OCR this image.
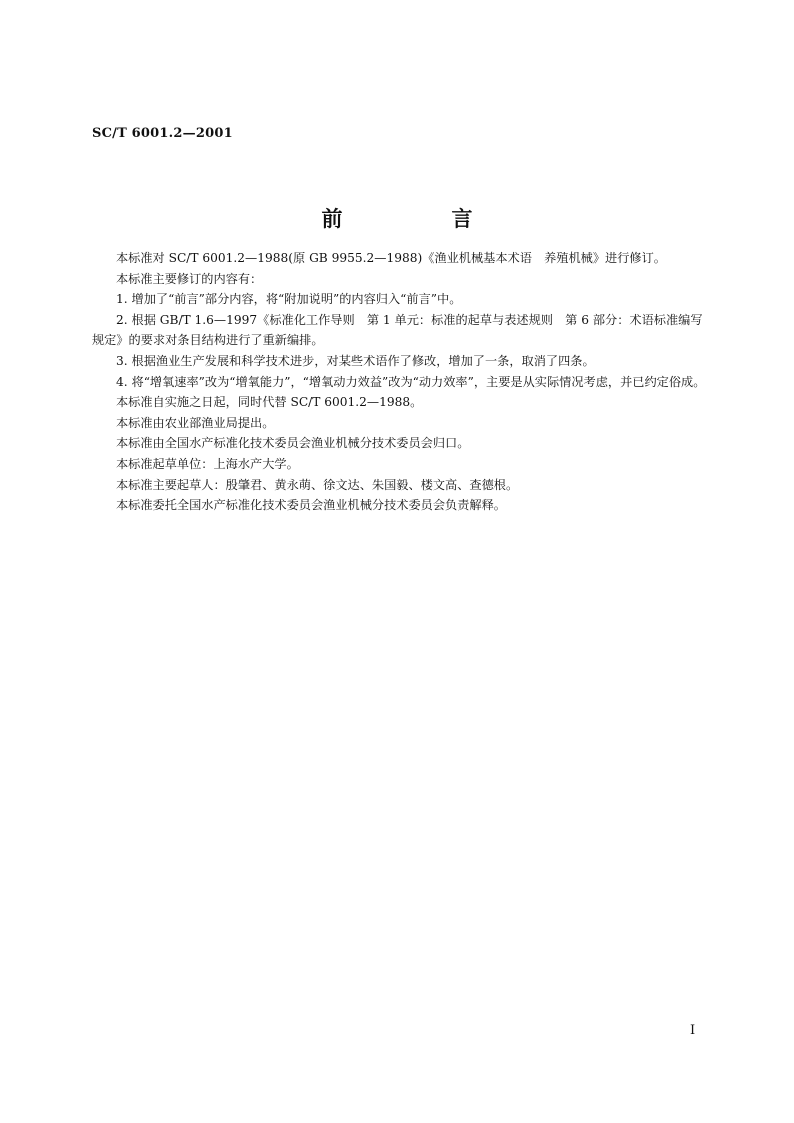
SC/T 6001.2—2001
前　言

本标准对 SC/T 6001.2—1988(原 GB 9955.2—1988)《渔业机械基本术语　养殖机械》进行修订。

本标准主要修订的内容有：

1. 增加了“前言”部分内容，将“附加说明”的内容归入“前言”中。

2. 根据 GB/T 1.6—1997《标准化工作导则　第 1 单元：标准的起草与表述规则　第 6 部分：术语标准编写规定》的要求对条目结构进行了重新编排。

3. 根据渔业生产发展和科学技术进步，对某些术语作了修改，增加了一条，取消了四条。

4. 将“增氧速率”改为“增氧能力”，“增氧动力效益”改为“动力效率”，主要是从实际情况考虑，并已约定俗成。

本标准自实施之日起，同时代替 SC/T 6001.2—1988。

本标准由农业部渔业局提出。

本标准由全国水产标准化技术委员会渔业机械分技术委员会归口。

本标准起草单位：上海水产大学。

本标准主要起草人：殷肇君、黄永萌、徐文达、朱国毅、楼文高、查德根。

本标准委托全国水产标准化技术委员会渔业机械分技术委员会负责解释。

I
